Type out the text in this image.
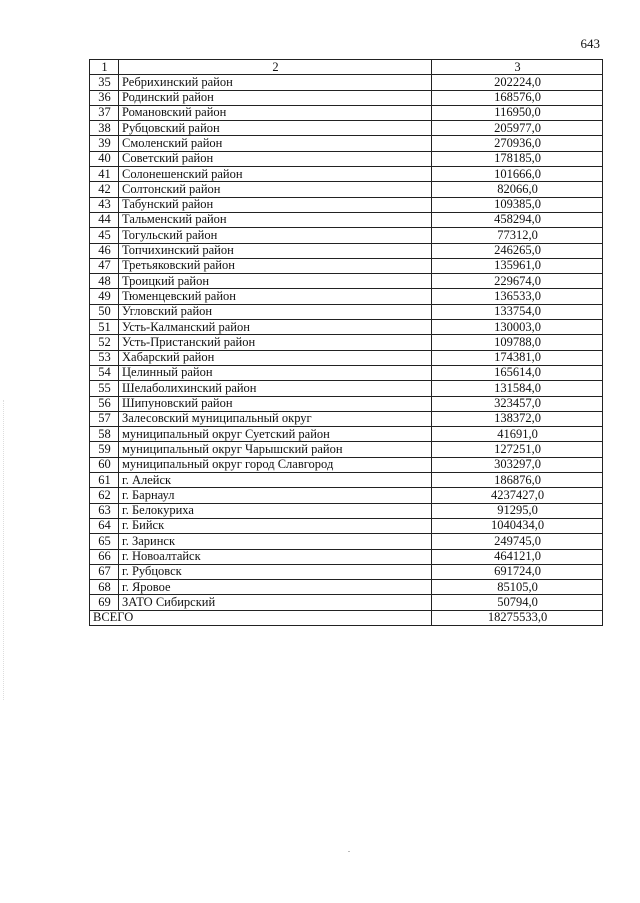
643
1	2	3
35	Ребрихинский район	202224,0
36	Родинский район	168576,0
37	Романовский район	116950,0
38	Рубцовский район	205977,0
39	Смоленский район	270936,0
40	Советский район	178185,0
41	Солонешенский район	101666,0
42	Солтонский район	82066,0
43	Табунский район	109385,0
44	Тальменский район	458294,0
45	Тогульский район	77312,0
46	Топчихинский район	246265,0
47	Третьяковский район	135961,0
48	Троицкий район	229674,0
49	Тюменцевский район	136533,0
50	Угловский район	133754,0
51	Усть-Калманский район	130003,0
52	Усть-Пристанский район	109788,0
53	Хабарский район	174381,0
54	Целинный район	165614,0
55	Шелаболихинский район	131584,0
56	Шипуновский район	323457,0
57	Залесовский муниципальный округ	138372,0
58	муниципальный округ Суетский район	41691,0
59	муниципальный округ Чарышский район	127251,0
60	муниципальный округ город Славгород	303297,0
61	г. Алейск	186876,0
62	г. Барнаул	4237427,0
63	г. Белокуриха	91295,0
64	г. Бийск	1040434,0
65	г. Заринск	249745,0
66	г. Новоалтайск	464121,0
67	г. Рубцовск	691724,0
68	г. Яровое	85105,0
69	ЗАТО Сибирский	50794,0
ВСЕГО		18275533,0
